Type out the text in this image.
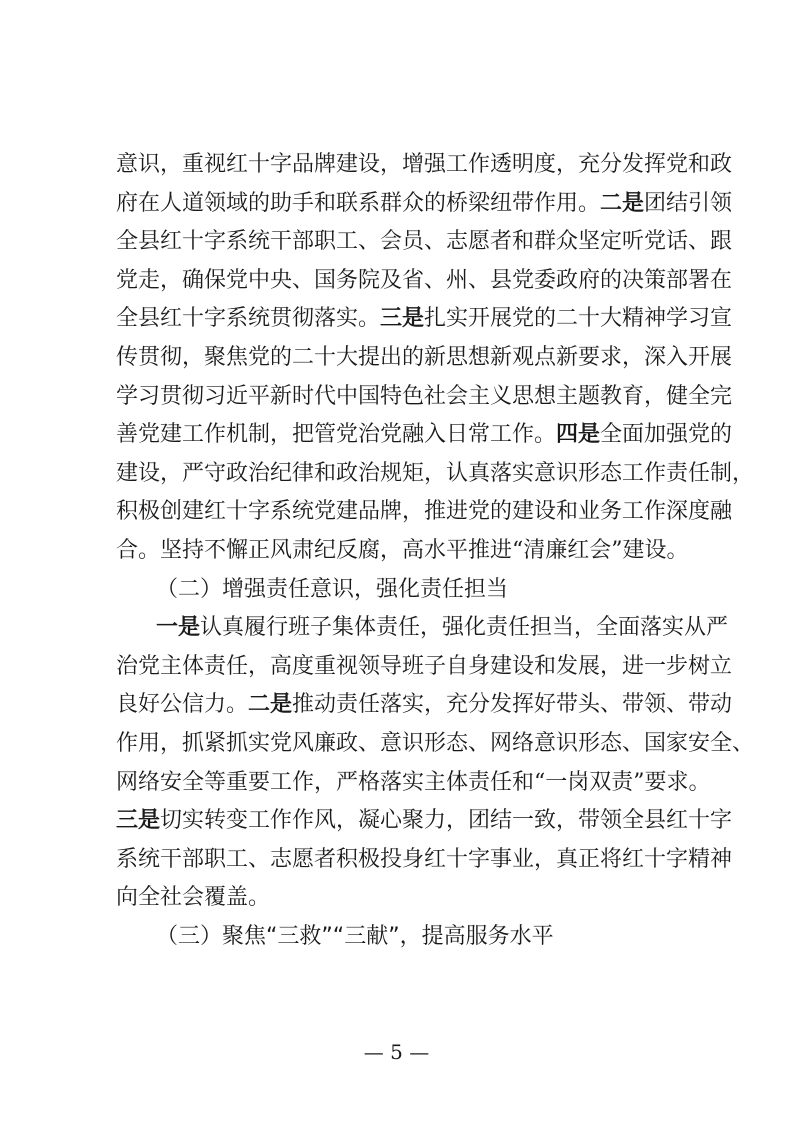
意识，重视红十字品牌建设，增强工作透明度，充分发挥党和政
府在人道领域的助手和联系群众的桥梁纽带作用。二是团结引领
全县红十字系统干部职工、会员、志愿者和群众坚定听党话、跟
党走，确保党中央、国务院及省、州、县党委政府的决策部署在
全县红十字系统贯彻落实。三是扎实开展党的二十大精神学习宣
传贯彻，聚焦党的二十大提出的新思想新观点新要求，深入开展
学习贯彻习近平新时代中国特色社会主义思想主题教育，健全完
善党建工作机制，把管党治党融入日常工作。四是全面加强党的
建设，严守政治纪律和政治规矩，认真落实意识形态工作责任制，
积极创建红十字系统党建品牌，推进党的建设和业务工作深度融
合。坚持不懈正风肃纪反腐，高水平推进“清廉红会”建设。
（二）增强责任意识，强化责任担当
一是认真履行班子集体责任，强化责任担当，全面落实从严
治党主体责任，高度重视领导班子自身建设和发展，进一步树立
良好公信力。二是推动责任落实，充分发挥好带头、带领、带动
作用，抓紧抓实党风廉政、意识形态、网络意识形态、国家安全、
网络安全等重要工作，严格落实主体责任和“一岗双责”要求。
三是切实转变工作作风，凝心聚力，团结一致，带领全县红十字
系统干部职工、志愿者积极投身红十字事业，真正将红十字精神
向全社会覆盖。
（三）聚焦“三救”“三献”，提高服务水平
— 5 —
